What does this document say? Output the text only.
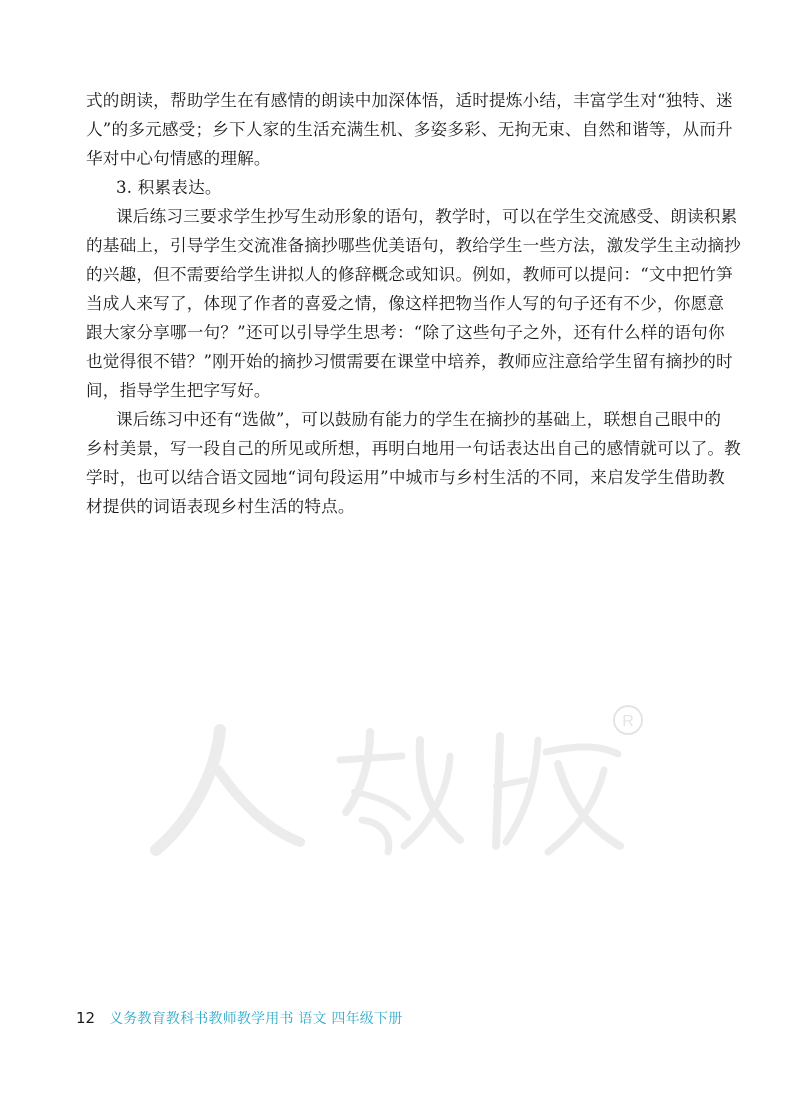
式的朗读，帮助学生在有感情的朗读中加深体悟，适时提炼小结，丰富学生对“独特、迷
人”的多元感受；乡下人家的生活充满生机、多姿多彩、无拘无束、自然和谐等，从而升
华对中心句情感的理解。
3. 积累表达。
课后练习三要求学生抄写生动形象的语句，教学时，可以在学生交流感受、朗读积累
的基础上，引导学生交流准备摘抄哪些优美语句，教给学生一些方法，激发学生主动摘抄
的兴趣，但不需要给学生讲拟人的修辞概念或知识。例如，教师可以提问：“文中把竹笋
当成人来写了，体现了作者的喜爱之情，像这样把物当作人写的句子还有不少，你愿意
跟大家分享哪一句？”还可以引导学生思考：“除了这些句子之外，还有什么样的语句你
也觉得很不错？”刚开始的摘抄习惯需要在课堂中培养，教师应注意给学生留有摘抄的时
间，指导学生把字写好。
课后练习中还有“选做”，可以鼓励有能力的学生在摘抄的基础上，联想自己眼中的
乡村美景，写一段自己的所见或所想，再明白地用一句话表达出自己的感情就可以了。教
学时，也可以结合语文园地“词句段运用”中城市与乡村生活的不同，来启发学生借助教
材提供的词语表现乡村生活的特点。
R
12 义务教育教科书教师教学用书 语文 四年级下册
